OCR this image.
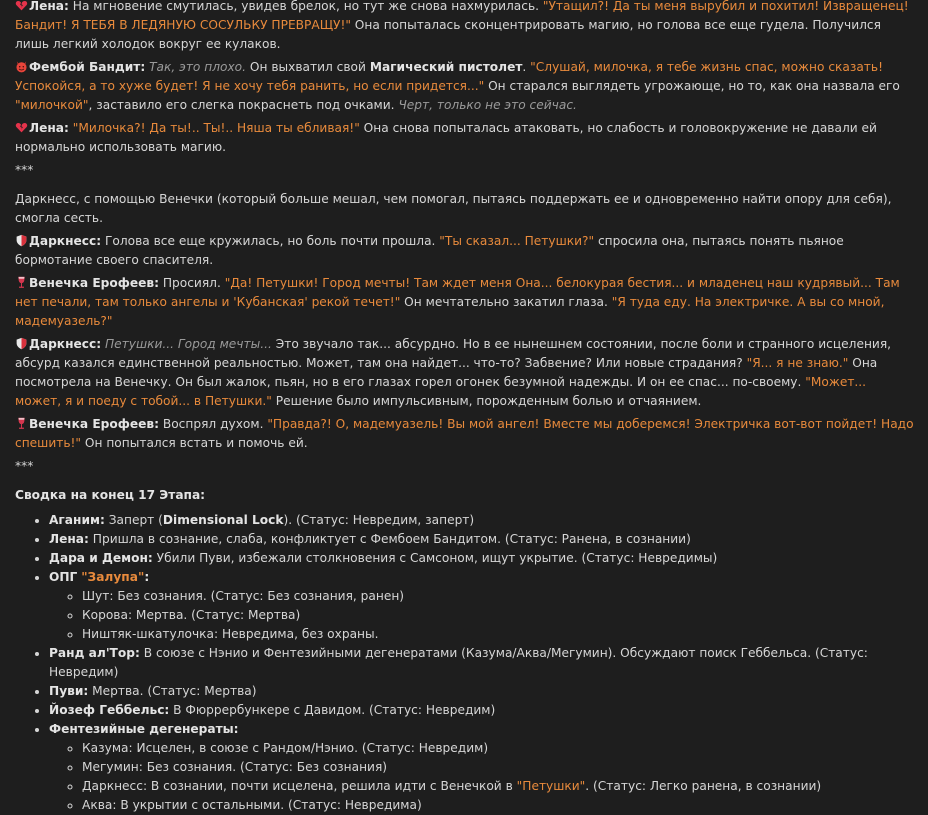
Лена: На мгновение смутилась, увидев брелок, но тут же снова нахмурилась. "Утащил?! Да ты меня вырубил и похитил! Извращенец! Бандит! Я ТЕБЯ В ЛЕДЯНУЮ СОСУЛЬКУ ПРЕВРАЩУ!" Она попыталась сконцентрировать магию, но голова все еще гудела. Получился лишь легкий холодок вокруг ее кулаков.

Фембой Бандит: Так, это плохо. Он выхватил свой Магический пистолет. "Слушай, милочка, я тебе жизнь спас, можно сказать! Успокойся, а то хуже будет! Я не хочу тебя ранить, но если придется..." Он старался выглядеть угрожающе, но то, как она назвала его "милочкой", заставило его слегка покраснеть под очками. Черт, только не это сейчас.

Лена: "Милочка?! Да ты!.. Ты!.. Няша ты ебливая!" Она снова попыталась атаковать, но слабость и головокружение не давали ей нормально использовать магию.

***

Даркнесс, с помощью Венечки (который больше мешал, чем помогал, пытаясь поддержать ее и одновременно найти опору для себя), смогла сесть.

Даркнесс: Голова все еще кружилась, но боль почти прошла. "Ты сказал... Петушки?" спросила она, пытаясь понять пьяное бормотание своего спасителя.

Венечка Ерофеев: Просиял. "Да! Петушки! Город мечты! Там ждет меня Она... белокурая бестия... и младенец наш кудрявый... Там нет печали, там только ангелы и 'Кубанская' рекой течет!" Он мечтательно закатил глаза. "Я туда еду. На электричке. А вы со мной, мадемуазель?"

Даркнесс: Петушки... Город мечты... Это звучало так... абсурдно. Но в ее нынешнем состоянии, после боли и странного исцеления, абсурд казался единственной реальностью. Может, там она найдет... что-то? Забвение? Или новые страдания? "Я... я не знаю." Она посмотрела на Венечку. Он был жалок, пьян, но в его глазах горел огонек безумной надежды. И он ее спас... по-своему. "Может... может, я и поеду с тобой... в Петушки." Решение было импульсивным, порожденным болью и отчаянием.

Венечка Ерофеев: Воспрял духом. "Правда?! О, мадемуазель! Вы мой ангел! Вместе мы доберемся! Электричка вот-вот пойдет! Надо спешить!" Он попытался встать и помочь ей.

***

Сводка на конец 17 Этапа:

• Аганим: Заперт (Dimensional Lock). (Статус: Невредим, заперт)
• Лена: Пришла в сознание, слаба, конфликтует с Фембоем Бандитом. (Статус: Ранена, в сознании)
• Дара и Демон: Убили Пуви, избежали столкновения с Самсоном, ищут укрытие. (Статус: Невредимы)
• ОПГ "Залупа":
◦ Шут: Без сознания. (Статус: Без сознания, ранен)
◦ Корова: Мертва. (Статус: Мертва)
◦ Ништяк-шкатулочка: Невредима, без охраны.
• Ранд ал'Тор: В союзе с Нэнио и Фентезийными дегенератами (Казума/Аква/Мегумин). Обсуждают поиск Геббельса. (Статус: Невредим)
• Пуви: Мертва. (Статус: Мертва)
• Йозеф Геббельс: В Фюррербункере с Давидом. (Статус: Невредим)
• Фентезийные дегенераты:
◦ Казума: Исцелен, в союзе с Рандом/Нэнио. (Статус: Невредим)
◦ Мегумин: Без сознания. (Статус: Без сознания)
◦ Даркнесс: В сознании, почти исцелена, решила идти с Венечкой в "Петушки". (Статус: Легко ранена, в сознании)
◦ Аква: В укрытии с остальными. (Статус: Невредима)
